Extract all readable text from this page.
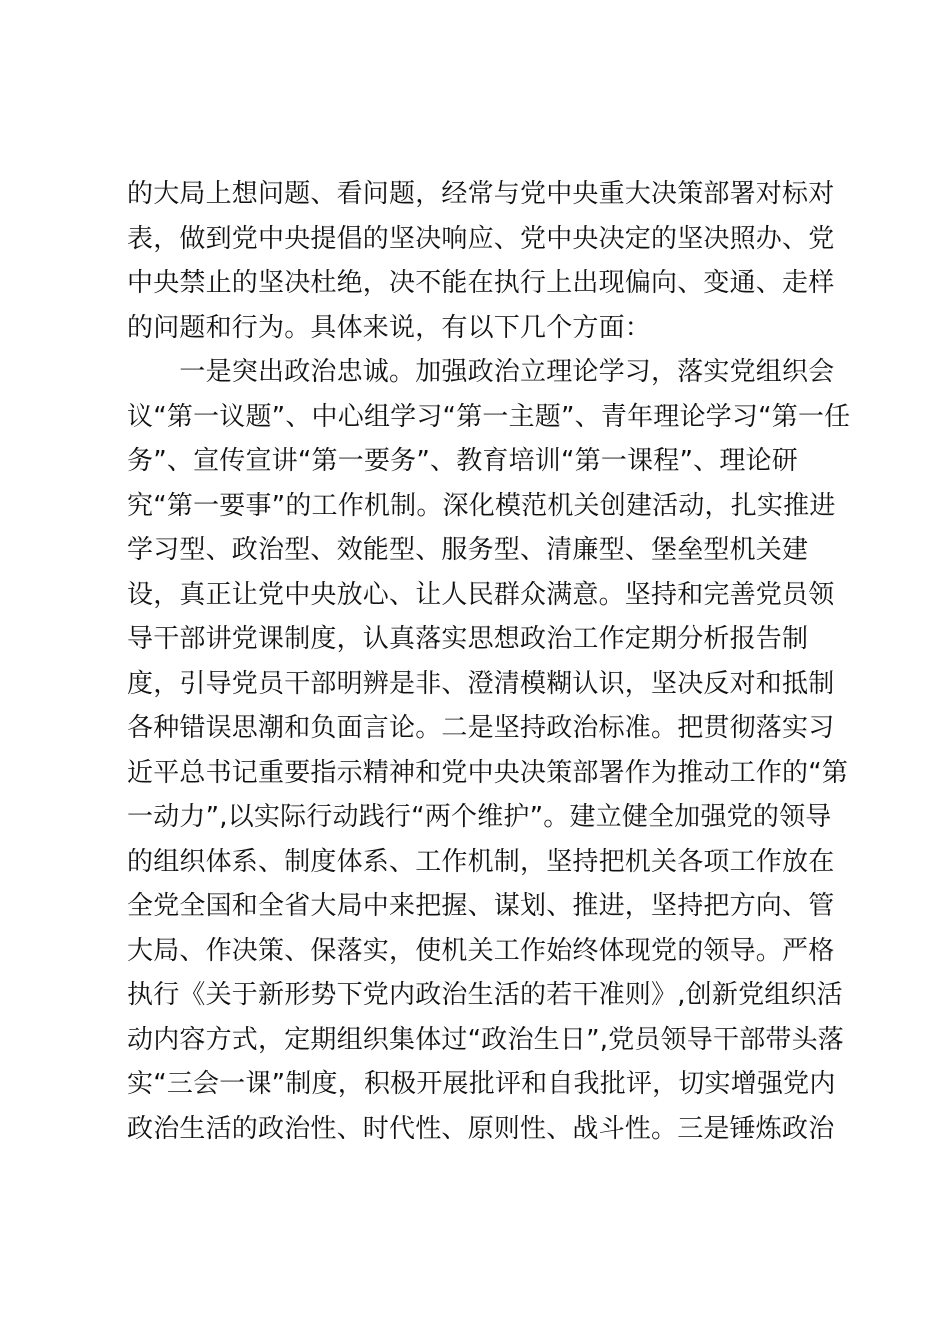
的大局上想问题、看问题，经常与党中央重大决策部署对标对
表，做到党中央提倡的坚决响应、党中央决定的坚决照办、党
中央禁止的坚决杜绝，决不能在执行上出现偏向、变通、走样
的问题和行为。具体来说，有以下几个方面：
　　一是突出政治忠诚。加强政治立理论学习，落实党组织会
议“第一议题”、中心组学习“第一主题”、青年理论学习“第一任
务”、宣传宣讲“第一要务”、教育培训“第一课程”、理论研
究“第一要事”的工作机制。深化模范机关创建活动，扎实推进
学习型、政治型、效能型、服务型、清廉型、堡垒型机关建
设，真正让党中央放心、让人民群众满意。坚持和完善党员领
导干部讲党课制度，认真落实思想政治工作定期分析报告制
度，引导党员干部明辨是非、澄清模糊认识，坚决反对和抵制
各种错误思潮和负面言论。二是坚持政治标准。把贯彻落实习
近平总书记重要指示精神和党中央决策部署作为推动工作的“第
一动力”,以实际行动践行“两个维护”。建立健全加强党的领导
的组织体系、制度体系、工作机制，坚持把机关各项工作放在
全党全国和全省大局中来把握、谋划、推进，坚持把方向、管
大局、作决策、保落实，使机关工作始终体现党的领导。严格
执行《关于新形势下党内政治生活的若干准则》,创新党组织活
动内容方式，定期组织集体过“政治生日”,党员领导干部带头落
实“三会一课”制度，积极开展批评和自我批评，切实增强党内
政治生活的政治性、时代性、原则性、战斗性。三是锤炼政治
